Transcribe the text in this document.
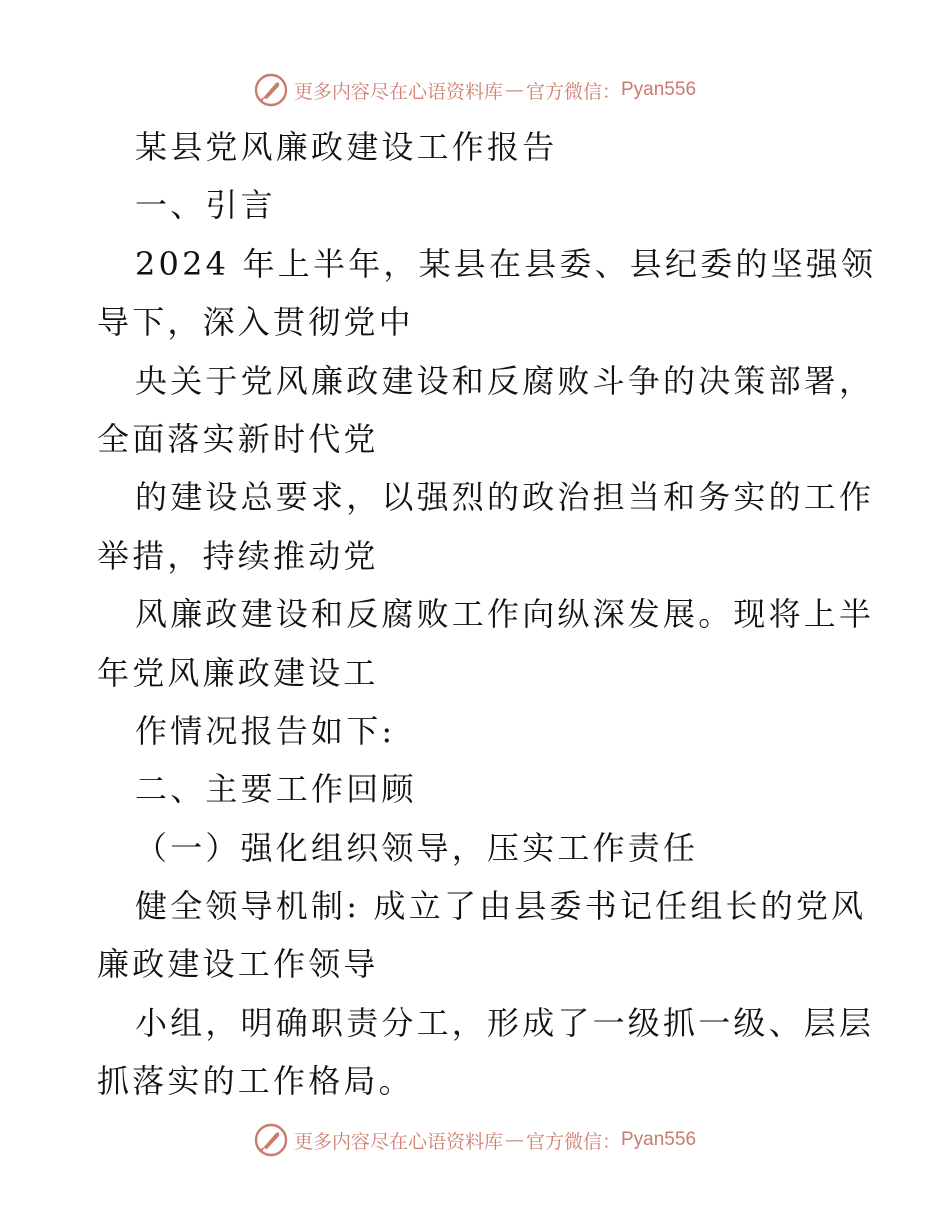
更多内容尽在心语资料库 — 官方微信： Pyan556
某县党风廉政建设工作报告
一、引言
2024 年上半年，某县在县委、县纪委的坚强领
导下，深入贯彻党中
央关于党风廉政建设和反腐败斗争的决策部署，
全面落实新时代党
的建设总要求，以强烈的政治担当和务实的工作
举措，持续推动党
风廉政建设和反腐败工作向纵深发展。现将上半
年党风廉政建设工
作情况报告如下:
二、主要工作回顾
（一）强化组织领导，压实工作责任
健全领导机制: 成立了由县委书记任组长的党风
廉政建设工作领导
小组，明确职责分工，形成了一级抓一级、层层
抓落实的工作格局。
更多内容尽在心语资料库 — 官方微信： Pyan556
